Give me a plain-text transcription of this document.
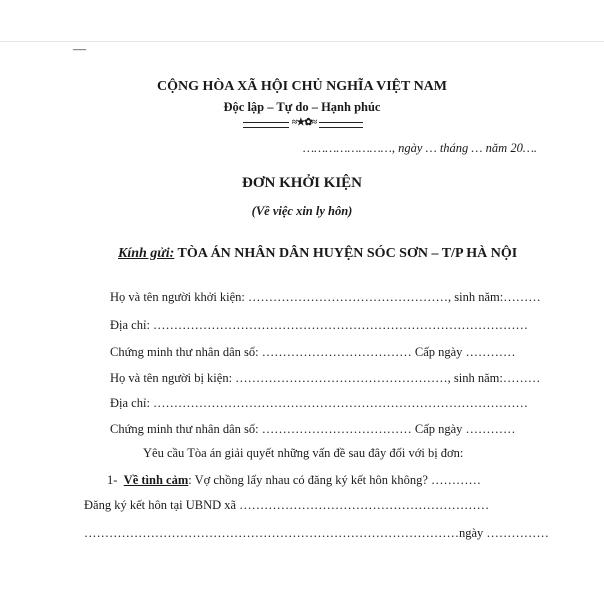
—
CỘNG HÒA XÃ HỘI CHỦ NGHĨA VIỆT NAM
Độc lập – Tự do – Hạnh phúc
≈★✿≈
……………………, ngày … tháng … năm 20….
ĐƠN KHỞI KIỆN
(Về việc xin ly hôn)
Kính gửi: TÒA ÁN NHÂN DÂN HUYỆN SÓC SƠN – T/P HÀ NỘI
Họ và tên người khởi kiện: …………………………………………, sinh năm:………
Địa chỉ: ………………………………………………………………………………
Chứng minh thư nhân dân số: ……………………………… Cấp ngày …………
Họ và tên người bị kiện: ……………………………………………, sinh năm:………
Địa chỉ: ………………………………………………………………………………
Chứng minh thư nhân dân số: ……………………………… Cấp ngày …………
Yêu cầu Tòa án giải quyết những vấn đề sau đây đối với bị đơn:
1- Về tình cảm: Vợ chồng lấy nhau có đăng ký kết hôn không? …………
Đăng ký kết hôn tại UBND xã ……………………………………………………
………………………………………………………………………………ngày ……………
